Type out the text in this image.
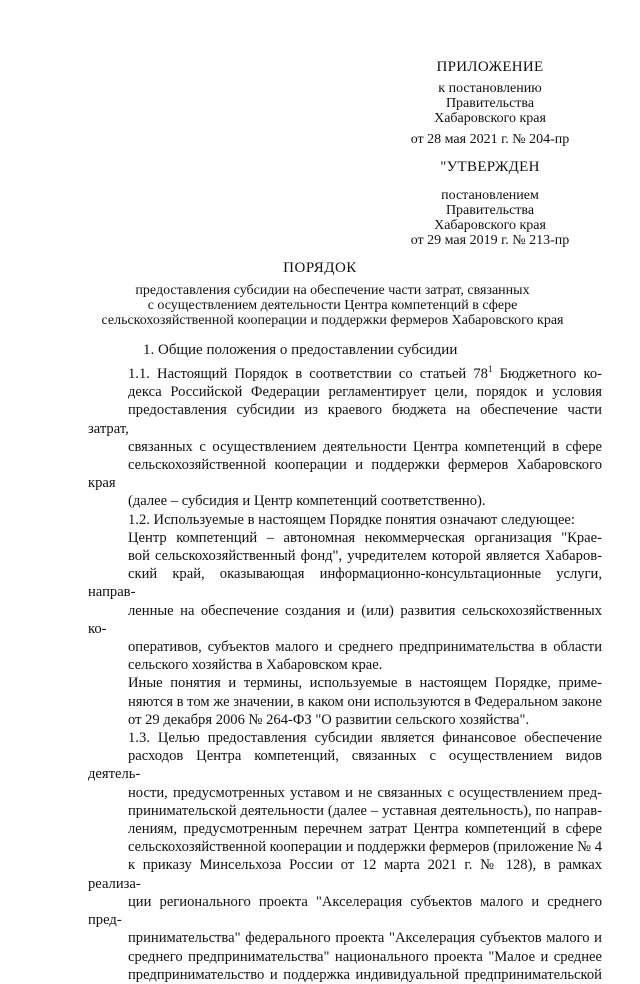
ПРИЛОЖЕНИЕ
к постановлению
Правительства
Хабаровского края
от 28 мая 2021 г. № 204-пр
"УТВЕРЖДЕН
постановлением
Правительства
Хабаровского края
от 29 мая 2019 г. № 213-пр
ПОРЯДОК
предоставления субсидии на обеспечение части затрат, связанных
с осуществлением деятельности Центра компетенций в сфере
сельскохозяйственной кооперации и поддержки фермеров Хабаровского края
1. Общие положения о предоставлении субсидии
1.1. Настоящий Порядок в соответствии со статьей $78^1$ Бюджетного ко-
декса Российской Федерации регламентирует цели, порядок и условия
предоставления субсидии из краевого бюджета на обеспечение части затрат,
связанных с осуществлением деятельности Центра компетенций в сфере
сельскохозяйственной кооперации и поддержки фермеров Хабаровского края
(далее – субсидия и Центр компетенций соответственно).
1.2. Используемые в настоящем Порядке понятия означают следующее:
Центр компетенций – автономная некоммерческая организация "Крае-
вой сельскохозяйственный фонд", учредителем которой является Хабаров-
ский край, оказывающая информационно-консультационные услуги, направ-
ленные на обеспечение создания и (или) развития сельскохозяйственных ко-
оперативов, субъектов малого и среднего предпринимательства в области
сельского хозяйства в Хабаровском крае.
Иные понятия и термины, используемые в настоящем Порядке, приме-
няются в том же значении, в каком они используются в Федеральном законе
от 29 декабря 2006 № 264-ФЗ "О развитии сельского хозяйства".
1.3. Целью предоставления субсидии является финансовое обеспечение
расходов Центра компетенций, связанных с осуществлением видов деятель-
ности, предусмотренных уставом и не связанных с осуществлением пред-
принимательской деятельности (далее – уставная деятельность), по направ-
лениям, предусмотренным перечнем затрат Центра компетенций в сфере
сельскохозяйственной кооперации и поддержки фермеров (приложение № 4
к приказу Минсельхоза России от 12 марта 2021 г. № 128), в рамках реализа-
ции регионального проекта "Акселерация субъектов малого и среднего пред-
принимательства" федерального проекта "Акселерация субъектов малого и
среднего предпринимательства" национального проекта "Малое и среднее
предпринимательство и поддержка индивидуальной предпринимательской
